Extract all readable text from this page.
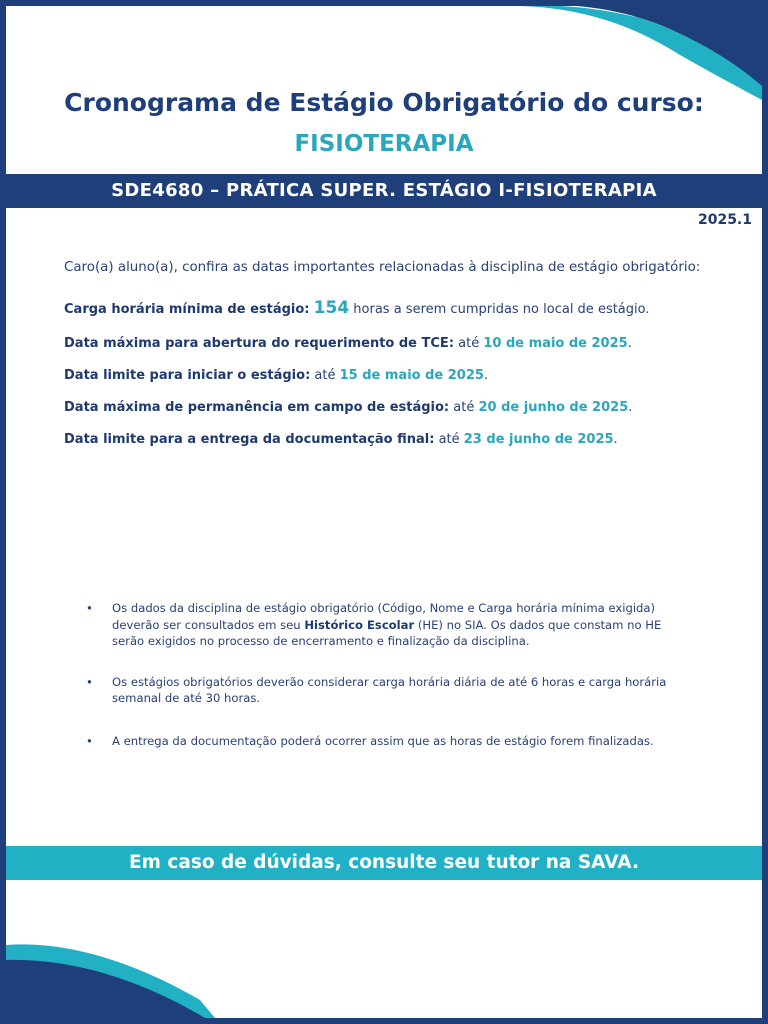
Cronograma de Estágio Obrigatório do curso:
FISIOTERAPIA
SDE4680 – PRÁTICA SUPER. ESTÁGIO I-FISIOTERAPIA
2025.1
Caro(a) aluno(a), confira as datas importantes relacionadas à disciplina de estágio obrigatório:
Carga horária mínima de estágio: 154 horas a serem cumpridas no local de estágio.
Data máxima para abertura do requerimento de TCE: até 10 de maio de 2025.
Data limite para iniciar o estágio: até 15 de maio de 2025.
Data máxima de permanência em campo de estágio: até 20 de junho de 2025.
Data limite para a entrega da documentação final: até 23 de junho de 2025.
• Os dados da disciplina de estágio obrigatório (Código, Nome e Carga horária mínima exigida) deverão ser consultados em seu Histórico Escolar (HE) no SIA. Os dados que constam no HE serão exigidos no processo de encerramento e finalização da disciplina.
• Os estágios obrigatórios deverão considerar carga horária diária de até 6 horas e carga horária semanal de até 30 horas.
• A entrega da documentação poderá ocorrer assim que as horas de estágio forem finalizadas.
Em caso de dúvidas, consulte seu tutor na SAVA.
